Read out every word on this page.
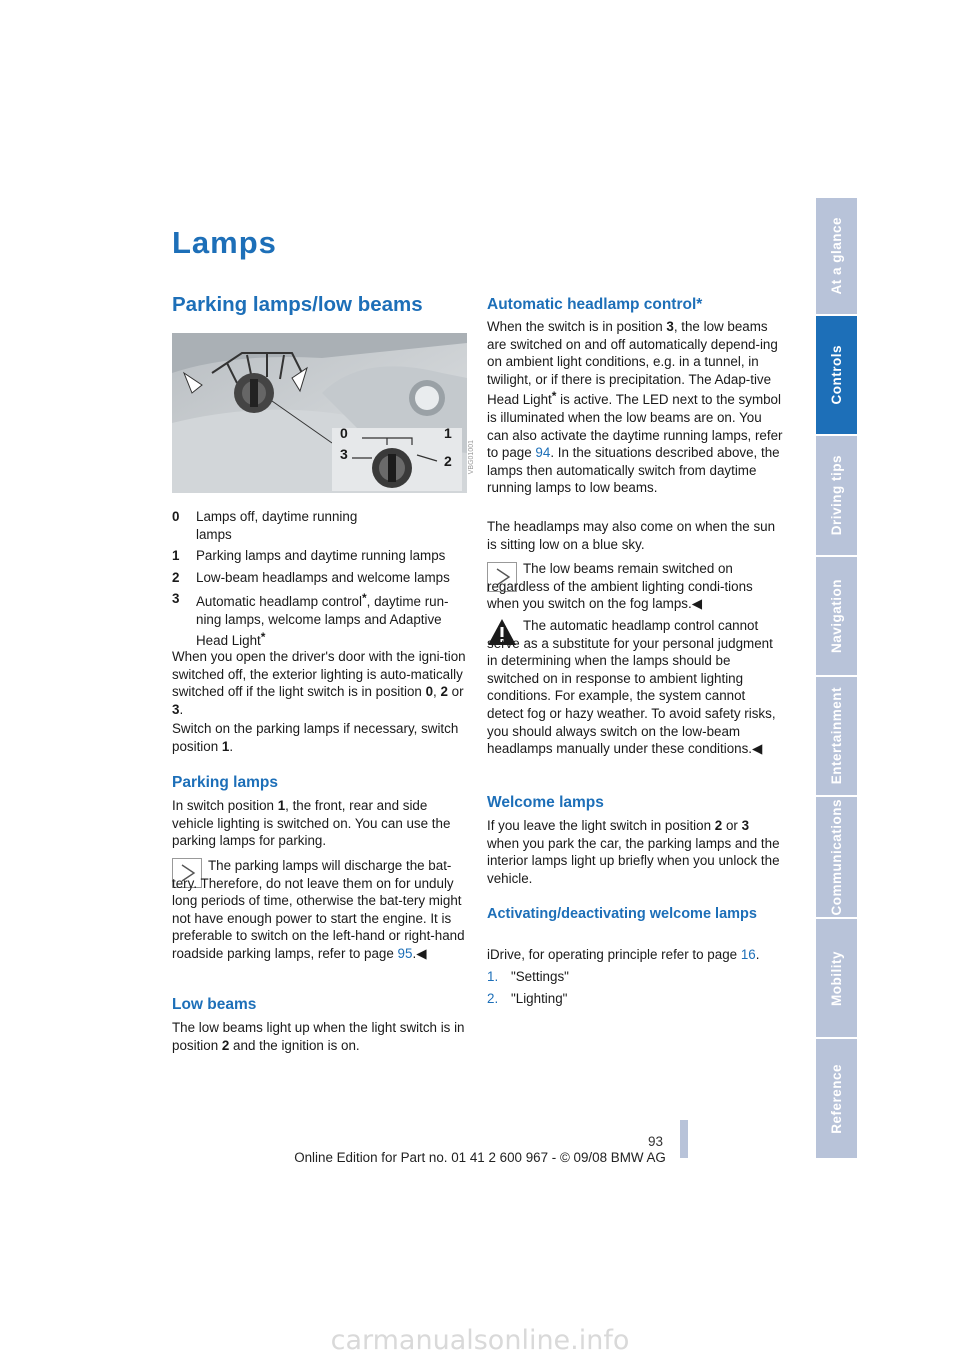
Lamps
Parking lamps/low beams
0	1
3	2 VBG01001
0	Lamps off, daytime running lamps
1	Parking lamps and daytime running lamps
2	Low-beam headlamps and welcome lamps
3	Automatic headlamp control*, daytime run-ning lamps, welcome lamps and Adaptive Head Light*

When you open the driver's door with the igni-tion switched off, the exterior lighting is auto-matically switched off if the light switch is in position 0, 2 or 3.

Switch on the parking lamps if necessary, switch position 1.

Parking lamps

In switch position 1, the front, rear and side vehicle lighting is switched on. You can use the parking lamps for parking.

The parking lamps will discharge the bat-tery. Therefore, do not leave them on for unduly long periods of time, otherwise the bat-tery might not have enough power to start the engine. It is preferable to switch on the left-hand or right-hand roadside parking lamps, refer to page 95.◀

Low beams

The low beams light up when the light switch is in position 2 and the ignition is on.

Automatic headlamp control*

When the switch is in position 3, the low beams are switched on and off automatically depend-ing on ambient light conditions, e.g. in a tunnel, in twilight, or if there is precipitation. The Adap-tive Head Light* is active. The LED next to the symbol is illuminated when the low beams are on. You can also activate the daytime running lamps, refer to page 94. In the situations described above, the lamps then automatically switch from daytime running lamps to low beams.

The headlamps may also come on when the sun is sitting low on a blue sky.

The low beams remain switched on regardless of the ambient lighting condi-tions when you switch on the fog lamps.◀

The automatic headlamp control cannot serve as a substitute for your personal judgment in determining when the lamps should be switched on in response to ambient lighting conditions. For example, the system cannot detect fog or hazy weather. To avoid safety risks, you should always switch on the low-beam headlamps manually under these conditions.◀

Welcome lamps

If you leave the light switch in position 2 or 3 when you park the car, the parking lamps and the interior lamps light up briefly when you unlock the vehicle.

Activating/deactivating welcome lamps

iDrive, for operating principle refer to page 16.

1. "Settings"
2. "Lighting"
At a glance
Controls
Driving tips
Navigation
Entertainment
Communications
Mobility
Reference
93
Online Edition for Part no. 01 41 2 600 967 - © 09/08 BMW AG
carmanualsonline.info
